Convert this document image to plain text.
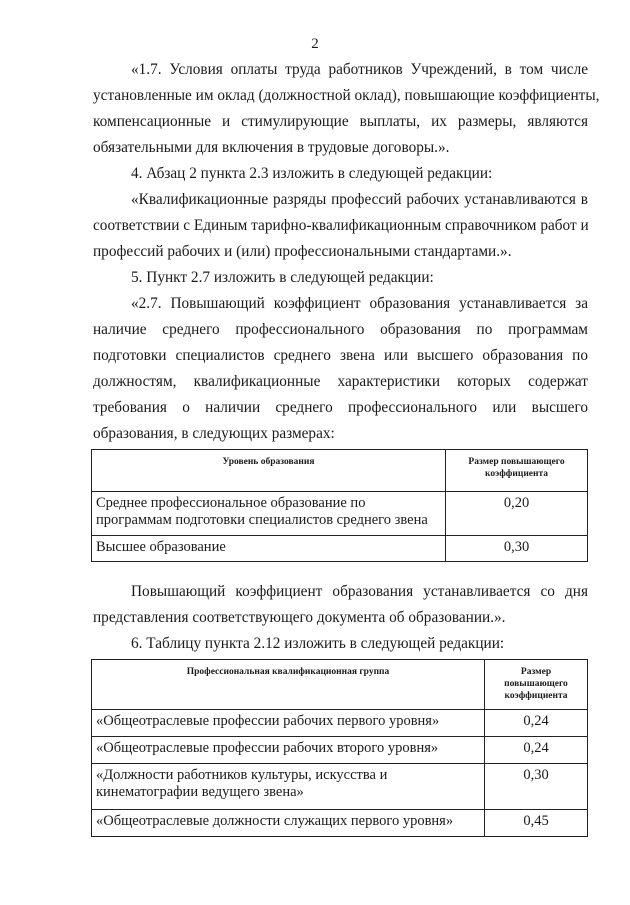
2
«1.7. Условия оплаты труда работников Учреждений, в том числе
установленные им оклад (должностной оклад), повышающие коэффициенты,
компенсационные и стимулирующие выплаты, их размеры, являются
обязательными для включения в трудовые договоры.».
4. Абзац 2 пункта 2.3 изложить в следующей редакции:
«Квалификационные разряды профессий рабочих устанавливаются в
соответствии с Единым тарифно-квалификационным справочником работ и
профессий рабочих и (или) профессиональными стандартами.».
5. Пункт 2.7 изложить в следующей редакции:
«2.7. Повышающий коэффициент образования устанавливается за
наличие среднего профессионального образования по программам
подготовки специалистов среднего звена или высшего образования по
должностям, квалификационные характеристики которых содержат
требования о наличии среднего профессионального или высшего
образования, в следующих размерах:
Уровень образования	Размер повышающего коэффициента
Среднее профессиональное образование по программам подготовки специалистов среднего звена	0,20
Высшее образование	0,30
Повышающий коэффициент образования устанавливается со дня
представления соответствующего документа об образовании.».
6. Таблицу пункта 2.12 изложить в следующей редакции:
Профессиональная квалификационная группа	Размер повышающего коэффициента
«Общеотраслевые профессии рабочих первого уровня»	0,24
«Общеотраслевые профессии рабочих второго уровня»	0,24
«Должности работников культуры, искусства и кинематографии ведущего звена»	0,30
«Общеотраслевые должности служащих первого уровня»	0,45
